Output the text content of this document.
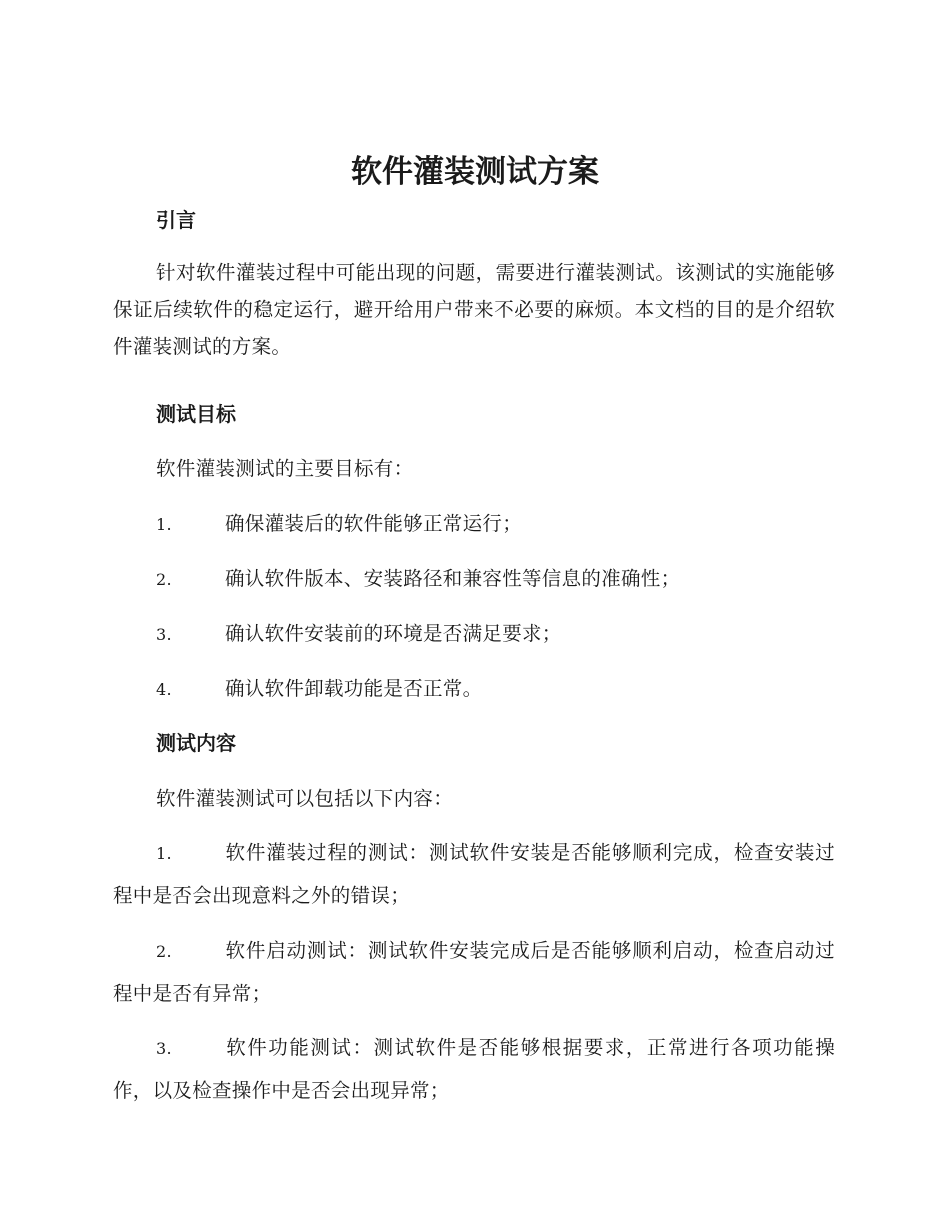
软件灌装测试方案
引言

针对软件灌装过程中可能出现的问题，需要进行灌装测试。该测试的实施能够保证后续软件的稳定运行，避开给用户带来不必要的麻烦。本文档的目的是介绍软件灌装测试的方案。

测试目标

软件灌装测试的主要目标有：

1.	确保灌装后的软件能够正常运行；

2.	确认软件版本、安装路径和兼容性等信息的准确性；

3.	确认软件安装前的环境是否满足要求；

4.	确认软件卸载功能是否正常。

测试内容

软件灌装测试可以包括以下内容：

1.	软件灌装过程的测试：测试软件安装是否能够顺利完成，检查安装过程中是否会出现意料之外的错误；

2.	软件启动测试：测试软件安装完成后是否能够顺利启动，检查启动过程中是否有异常；

3.	软件功能测试：测试软件是否能够根据要求，正常进行各项功能操作，以及检查操作中是否会出现异常；
